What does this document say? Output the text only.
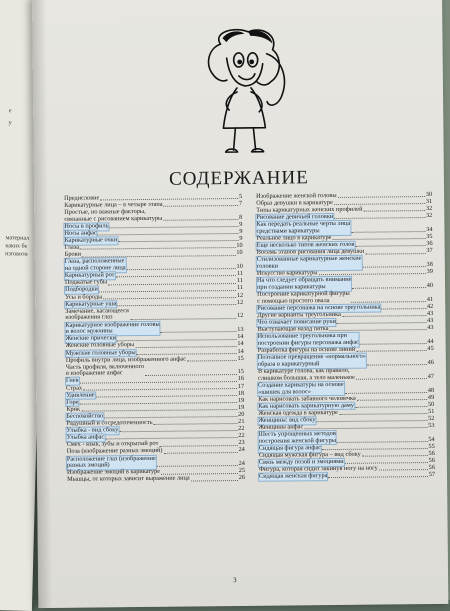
материал
каких бе
изговотн
е
у
СОДЕРЖАНИЕ
Предисловие	5
Карикатурные лица – в четыре этапа	7
Простые, но важные факторы,
связанные с рисованием карикатуры	8
Носы в профиль	9
Носы анфас	9
Карикатурные очки	9
Глаза	10
Брови	10
Глаза, расположенные
на одной стороне лица	10
Карикатурный рот	11
Поджатые губы	11
Подбородки	11
Усы и бороды	12
Карикатурные уши	12
Замечание, касающееся
изображения глаз	12
Карикатурное изображение головы
и волос мужчины	13
Женские прически	14
Женские головные уборы	14
Мужские головные уборы	14
Профиль внутри лица, изображенного анфас	15
Часть профиля, включенного
в изображение анфас	15
Гнев	16
Страх	17
Удивление	18
Горе	19
Крик	19
Беспокойство	20
Радушный и сосредоточенность	21
Улыбка - вид сбоку	22
Улыбка анфас	22
Смех - язык, зубы и открытый рот	23
Поза (изображение разных эмоций)	24
Расположение глаз (изображение
разных эмоций)	24
Изображение эмоций в карикатуре	25
Мышцы, от которых зависит выражение лица	26
Изображение женской головы	30
Образ девушки в карикатуре	31
Типы карикатурных женских профилей	32
Рисование девичьей головки	32
Как передать реальные черты лица
средствами карикатуры	34
Реальное лицо в карикатуре	35
Еще несколько типов женских голов	36
Восемь этапов рисования лица девушки	37
Стилизованные карикатурные женские
головки	38
Искусство карикатуры	39
На что следует обращать внимание
при создании карикатуры	40
Построение карикатурной фигуры
с помощью простого овала	41
Рисование персонажа на основе треугольника	42
Другие варианты треугольника	43
Что означает повисание руки	43
Выступающая назад пятка	43
Использование треугольника при
построении фигуры персонажа анфас	44
Разработка фигуры на основе линий	45
Поэтапное превращение «нормального»
образа в карикатурный	46
В карикатуре голова, как правило,
слишком большая, а тело маленькое	47
Создание карикатуры на основе
«шишек для волос»	48
Как нарисовать забавного человечка	49
Как нарисовать карикатурную даму	50
Женская одежда в карикатуре	51
Женщины: вид сбоку	52
Женщины анфас	53
Шесть упрощенных методов
построения женской фигуры	54
Сидящая фигура анфас	55
Сидящая мужская фигура – вид сбоку	56
Связь между позой и эмоциями	56
Фигура, которая сидит закинув ногу на ногу	56
Сидящая женская фигура	57
3
